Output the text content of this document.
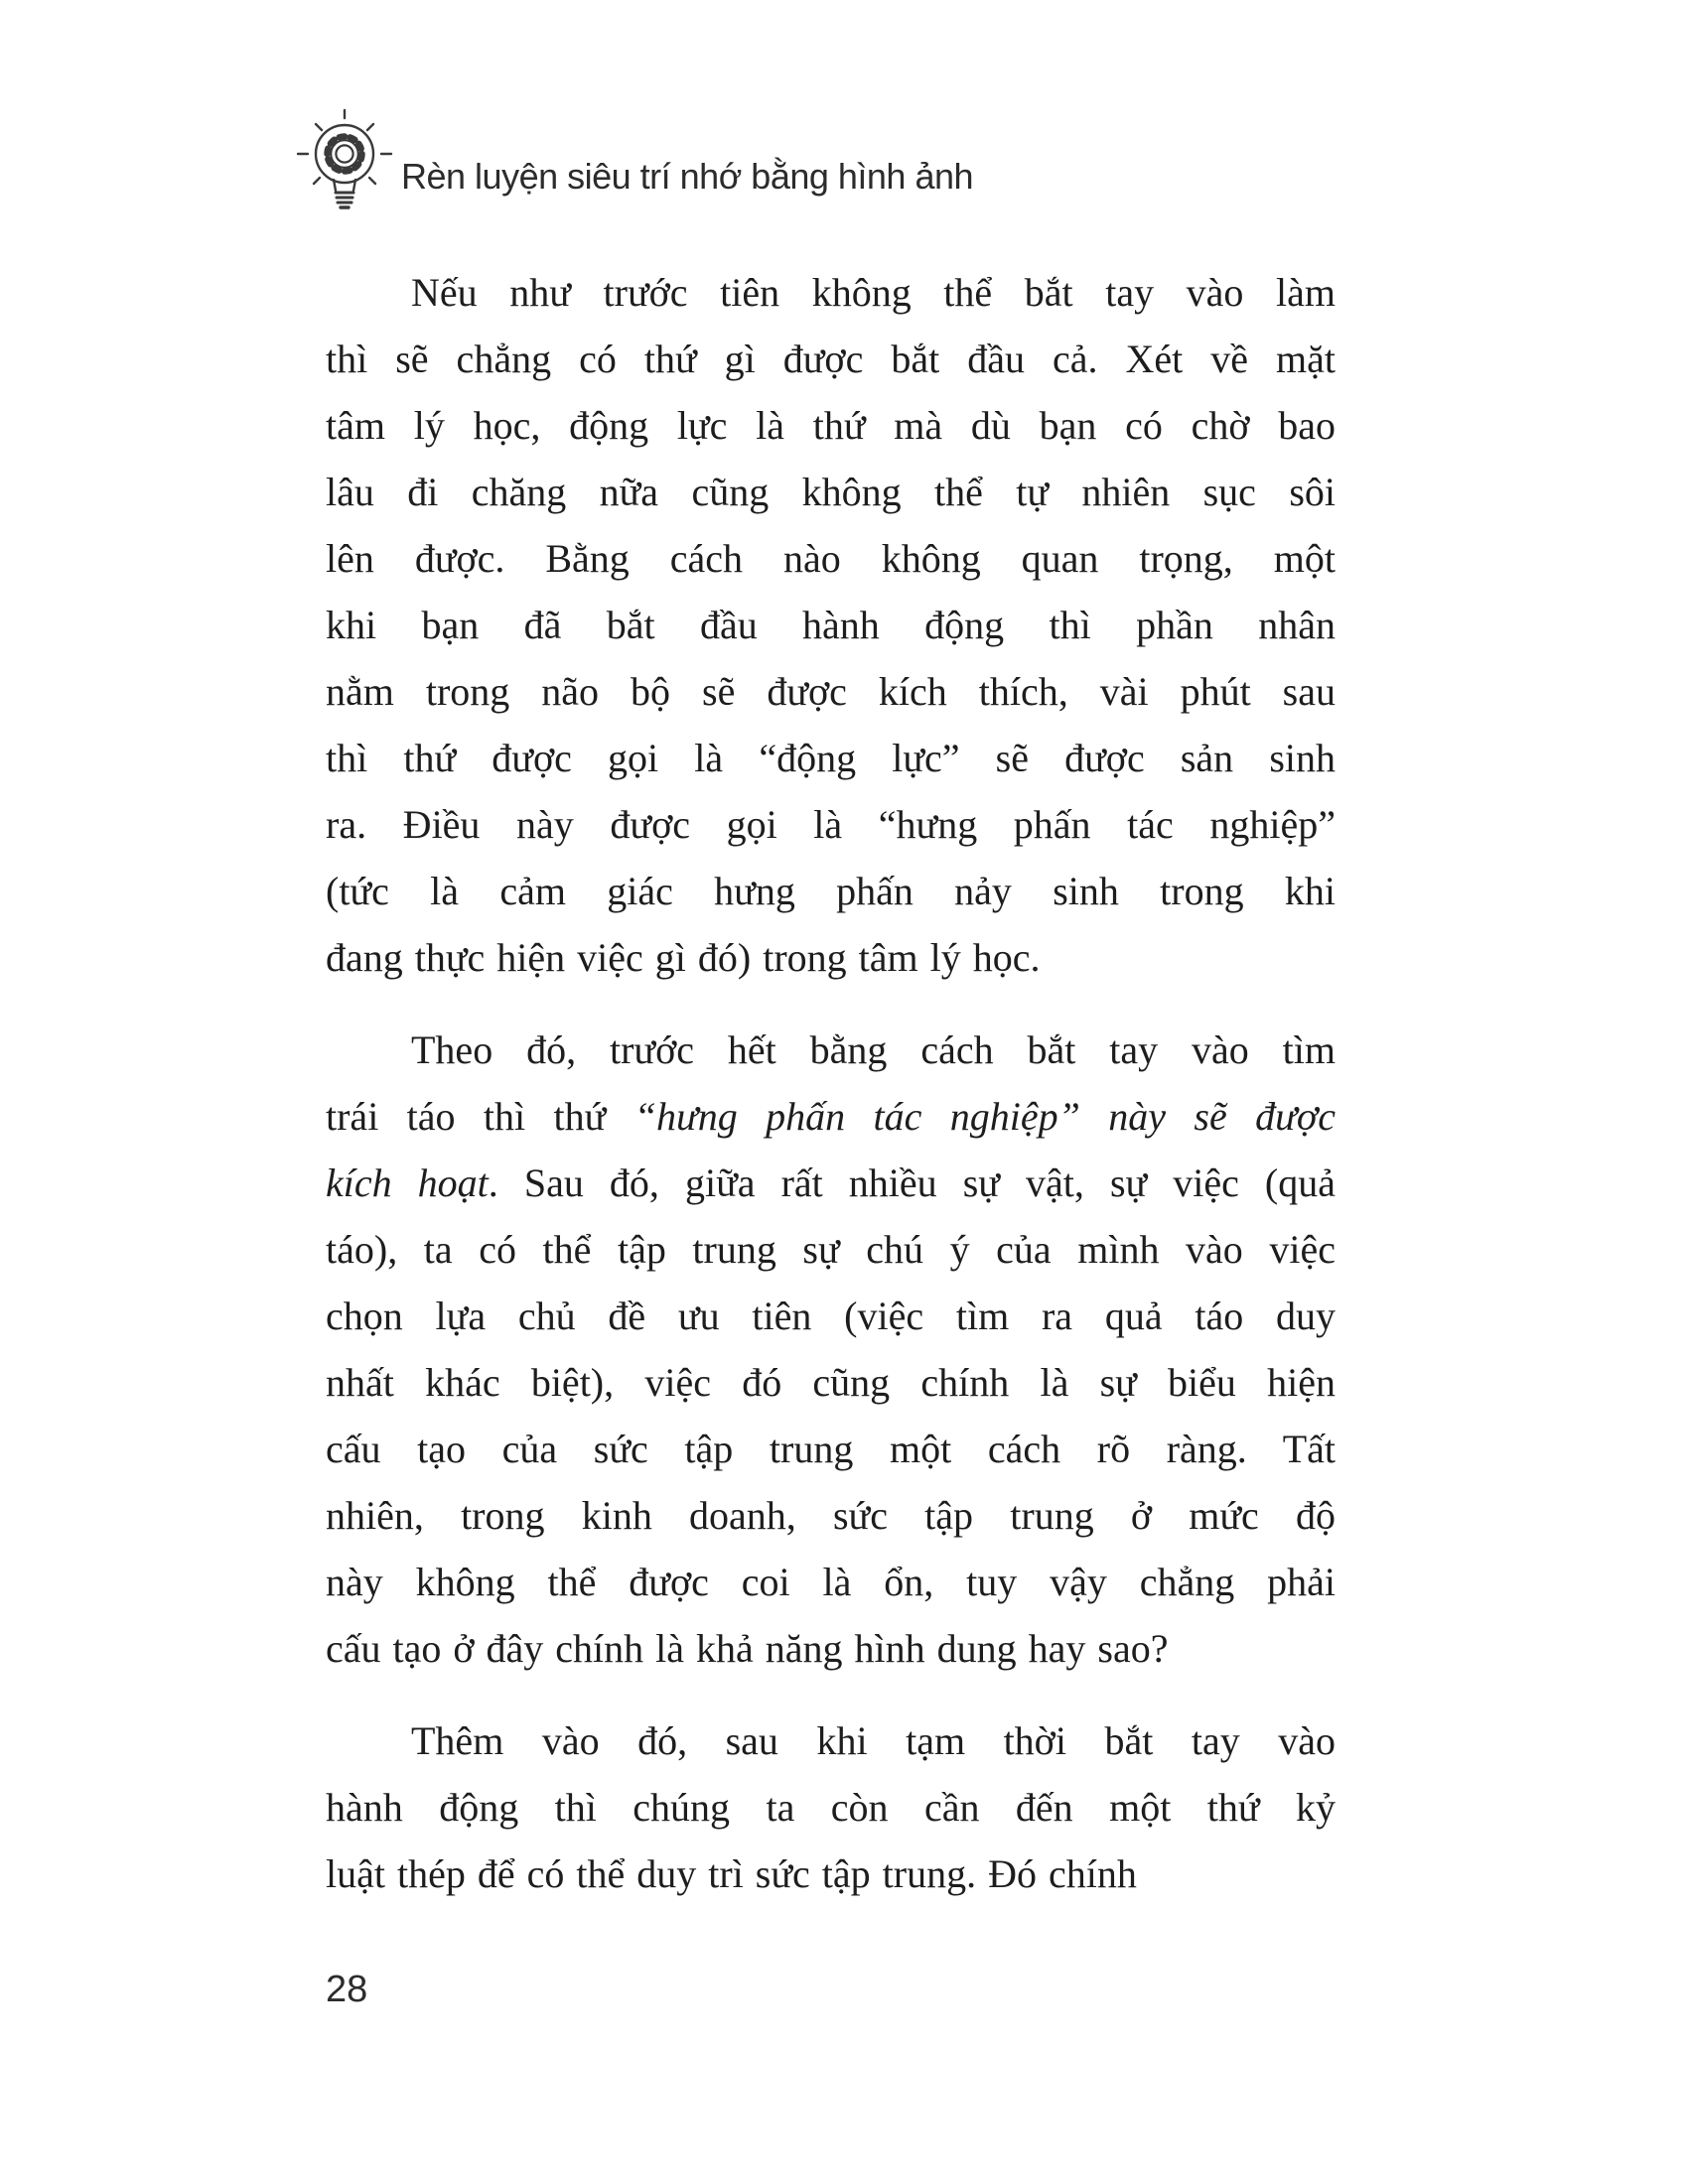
Rèn luyện siêu trí nhớ bằng hình ảnh
Nếu như trước tiên không thể bắt tay vào làm
thì sẽ chẳng có thứ gì được bắt đầu cả. Xét về mặt
tâm lý học, động lực là thứ mà dù bạn có chờ bao
lâu đi chăng nữa cũng không thể tự nhiên sục sôi
lên được. Bằng cách nào không quan trọng, một
khi bạn đã bắt đầu hành động thì phần nhân
nằm trong não bộ sẽ được kích thích, vài phút sau
thì thứ được gọi là “động lực” sẽ được sản sinh
ra. Điều này được gọi là “hưng phấn tác nghiệp”
(tức là cảm giác hưng phấn nảy sinh trong khi
đang thực hiện việc gì đó) trong tâm lý học.
Theo đó, trước hết bằng cách bắt tay vào tìm
trái táo thì thứ “hưng phấn tác nghiệp” này sẽ được
kích hoạt. Sau đó, giữa rất nhiều sự vật, sự việc (quả
táo), ta có thể tập trung sự chú ý của mình vào việc
chọn lựa chủ đề ưu tiên (việc tìm ra quả táo duy
nhất khác biệt), việc đó cũng chính là sự biểu hiện
cấu tạo của sức tập trung một cách rõ ràng. Tất
nhiên, trong kinh doanh, sức tập trung ở mức độ
này không thể được coi là ổn, tuy vậy chẳng phải
cấu tạo ở đây chính là khả năng hình dung hay sao?
Thêm vào đó, sau khi tạm thời bắt tay vào
hành động thì chúng ta còn cần đến một thứ kỷ
luật thép để có thể duy trì sức tập trung. Đó chính
28
